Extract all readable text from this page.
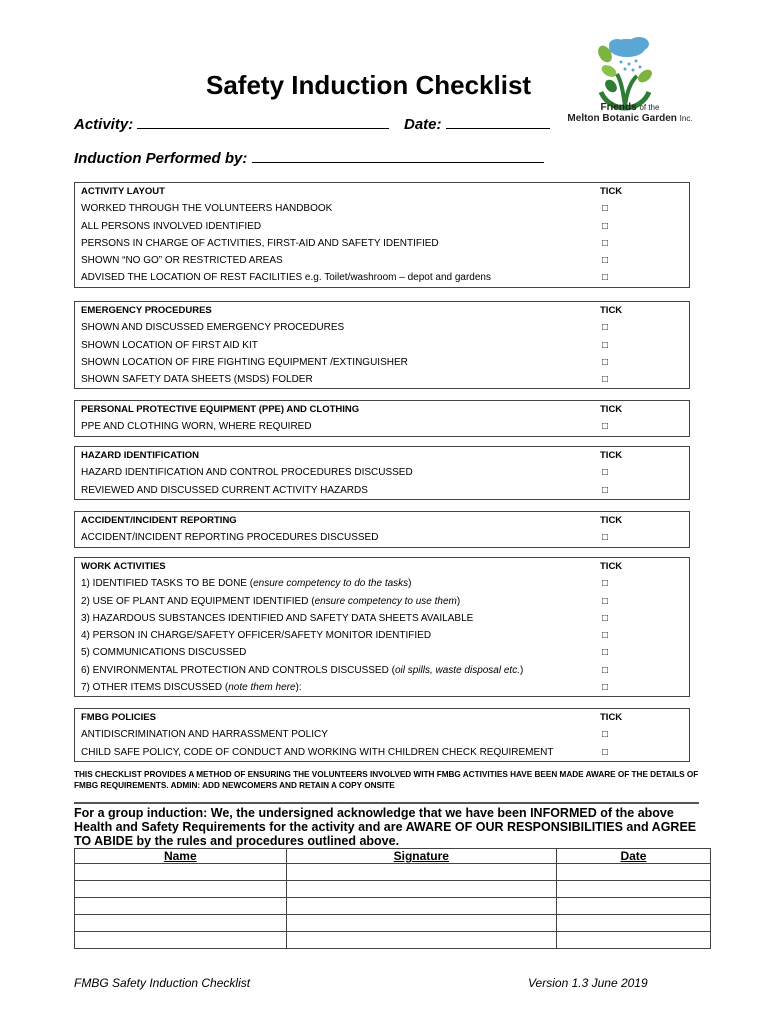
Safety Induction Checklist
Friends of the
Melton Botanic Garden Inc.
Activity:	Date:
Induction Performed by:
ACTIVITY LAYOUT	TICK
WORKED THROUGH THE VOLUNTEERS HANDBOOK	□
ALL PERSONS INVOLVED IDENTIFIED	□
PERSONS IN CHARGE OF ACTIVITIES, FIRST-AID AND SAFETY IDENTIFIED	□
SHOWN “NO GO” OR RESTRICTED AREAS	□
ADVISED THE LOCATION OF REST FACILITIES e.g. Toilet/washroom – depot and gardens	□
EMERGENCY PROCEDURES	TICK
SHOWN AND DISCUSSED EMERGENCY PROCEDURES	□
SHOWN LOCATION OF FIRST AID KIT	□
SHOWN LOCATION OF FIRE FIGHTING EQUIPMENT /EXTINGUISHER	□
SHOWN SAFETY DATA SHEETS (MSDS) FOLDER	□
PERSONAL PROTECTIVE EQUIPMENT (PPE) AND CLOTHING	TICK
PPE AND CLOTHING WORN, WHERE REQUIRED	□
HAZARD IDENTIFICATION	TICK
HAZARD IDENTIFICATION AND CONTROL PROCEDURES DISCUSSED	□
REVIEWED AND DISCUSSED CURRENT ACTIVITY HAZARDS	□
ACCIDENT/INCIDENT REPORTING	TICK
ACCIDENT/INCIDENT REPORTING PROCEDURES DISCUSSED	□
WORK ACTIVITIES	TICK
1) IDENTIFIED TASKS TO BE DONE (ensure competency to do the tasks)	□
2) USE OF PLANT AND EQUIPMENT IDENTIFIED (ensure competency to use them)	□
3) HAZARDOUS SUBSTANCES IDENTIFIED AND SAFETY DATA SHEETS AVAILABLE	□
4) PERSON IN CHARGE/SAFETY OFFICER/SAFETY MONITOR IDENTIFIED	□
5) COMMUNICATIONS DISCUSSED	□
6) ENVIRONMENTAL PROTECTION AND CONTROLS DISCUSSED (oil spills, waste disposal etc.)	□
7) OTHER ITEMS DISCUSSED (note them here):	□
FMBG POLICIES	TICK
ANTIDISCRIMINATION AND HARRASSMENT POLICY	□
CHILD SAFE POLICY, CODE OF CONDUCT AND WORKING WITH CHILDREN CHECK REQUIREMENT	□
THIS CHECKLIST PROVIDES A METHOD OF ENSURING THE VOLUNTEERS INVOLVED WITH FMBG ACTIVITIES HAVE BEEN MADE AWARE OF THE DETAILS OF FMBG REQUIREMENTS. ADMIN: ADD NEWCOMERS AND RETAIN A COPY ONSITE
For a group induction: We, the undersigned acknowledge that we have been INFORMED of the above Health and Safety Requirements for the activity and are AWARE OF OUR RESPONSIBILITIES and AGREE TO ABIDE by the rules and procedures outlined above.
Name	Signature	Date

FMBG Safety Induction Checklist	Version 1.3 June 2019
